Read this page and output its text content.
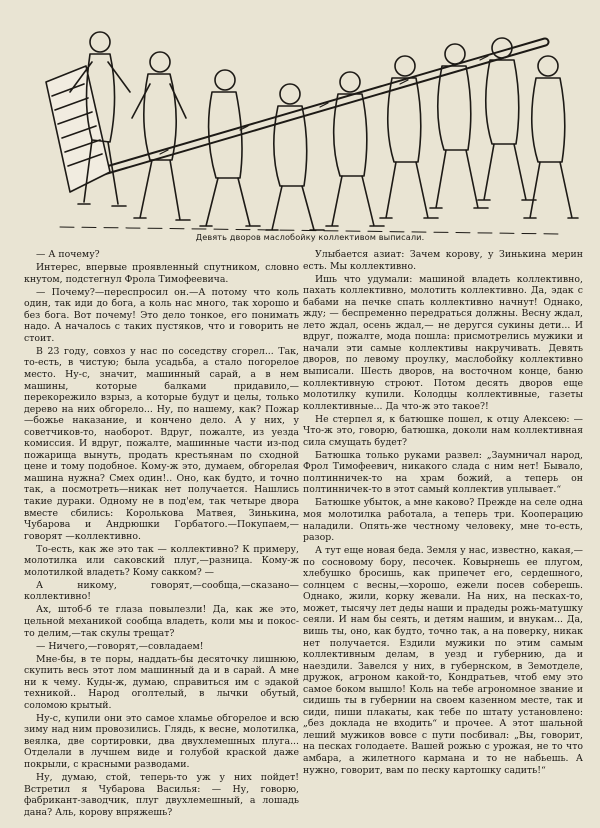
Девять дворов маслобойку коллективом выписали.

— А почему?

Интерес, впервые проявленный спутником, словно кнутом, подстегнул Фрола Тимофеевича.

— Почему?—переспросил он.—А потому что коль один, так иди до бога, а коль нас много, так хорошо и без бога. Вот почему! Это дело тонкое, его понимать надо. А началось с таких пустяков, что и говорить не стоит.

В 23 году, совхоз у нас по соседству сгорел... Так, то-есть, в чистую; была усадьба, а стало погорелое место. Ну-с, значит, машинный сарай, а в нем машины, которые балками придавило,— перекорежило взрыз, а которые будут и целы, только дерево на них обгорело... Ну, по нашему, как? Пожар—божье наказание, и кончено дело. А у них, у советчиков-то, наоборот. Вдруг, пожалте, из уезда комиссия. И вдруг, пожалте, машинные части из-под пожарища вынуть, продать крестьянам по сходной цене и тому подобное. Кому-ж это, думаем, обгорелая машина нужна? Смех один!.. Оно, как будто, и точно так, а посмотреть—никак нет получается. Нашлись такие дураки. Одному не в под'ем, так четыре двора вместе сбились: Королькова Матвея, Зинькина, Чубарова и Андрюшки Горбатого.—Покупаем,— говорят —коллективно.

То-есть, как же это так — коллективно? К примеру, молотилка или саковский плуг,—разница. Кому-ж молотилкой владеть? Кому сакком? —

А никому, говорят,—сообща,—сказано—коллективно!

Ах, штоб-б те глаза повылезли! Да, как же это, цельной механикой сообща владеть, коли мы и покос-то делим,—так скулы трещат?

— Ничего,—говорят,—совладаем!

Мне-бы, в те поры, наддать-бы десяточку лишнюю, скупить весь этот лом машинный да и в сарай. А мне ни к чему. Куды-ж, думаю, справиться им с эдакой техникой.. Народ оголтелый, в лычки обутый, соломою крытый.

Ну-с, купили они это самое хламье обгорелое и всю зиму над ним провозились. Глядь, к весне, молотилка, веялка, две сортировки, два двухлемешных плуга... Отделали в лучшем виде и голубой краской даже покрыли, с красными разводами.

Ну, думаю, стой, теперь-то уж у них пойдет! Встретил я Чубарова Василья: — Ну, говорю, фабрикант-заводчик, плуг двухлемешный, а лошадь дана? Аль, корову впряжешь?

Улыбается азиат: Зачем корову, у Зинькина мерин есть. Мы коллективно.

Ишь что удумали: машиной владеть коллективно, пахать коллективно, молотить коллективно. Да, эдак с бабами на печке спать коллективно начнут! Однако, жду; — беспременно передраться должны. Весну ждал, лето ждал, осень ждал,— не деругся сукины дети... И вдруг, пожалте, мода пошла: присмотрелись мужики и начали эти самые коллективы накручивать. Девять дворов, по левому проулку, маслобойку коллективно выписали. Шесть дворов, на восточном конце, баню коллективную строют. Потом десять дворов еще молотилку купили. Колодцы коллективные, газеты коллективные... Да что-ж это такое?!

Не стерпел я, к батюшке пошел, к отцу Алексею: — Что-ж это, говорю, батюшка, доколи нам коллективная сила смущать будет?

Батюшка только руками развел: „Заумничал народ, Фрол Тимофеевич, никакого слада с ним нет! Бывало, полтинничек-то на храм божий, а теперь он полтинничек-то в этот самый коллектив уплывает.“

Батюшке убыток, а мне каково? Прежде на селе одна моя молотилка работала, а теперь три. Кооперацию наладили. Опять-же честному человеку, мне то-есть, разор.

А тут еще новая беда. Земля у нас, известно, какая,—по сосновому бору, песочек. Ковырнешь ее плугом, хлебушко бросишь, как припечет его, сердешного, солнцем с весны,—хорошо, ежели посев соберешь. Однако, жили, корку жевали. На них, на песках-то, может, тысячу лет деды наши и прадеды рожь-матушку сеяли. И нам бы сеять, и детям нашим, и внукам... Да, вишь ты, оно, как будто, точно так, а на поверку, никак нет получается. Ездили мужики по этим самым коллективным делам, в уезд и губернию, да и наездили. Завелся у них, в губернском, в Земотделе, дружок, агроном какой-то, Кондратьев, чтоб ему это самое боком вышло! Коль на тебе агрономное звание и сидишь ты в губернии на своем казенном месте, так и сиди, пиши плакаты, как тебе по штату установлено: „без доклада не входить“ и прочее. А этот шальной леший мужиков вовсе с пути посбивал: „Вы, говорит, на песках голодаете. Вашей рожью с урожая, не то что амбара, а жилетного кармана и то не набьешь. А нужно, говорит, вам по песку картошку садить!“
